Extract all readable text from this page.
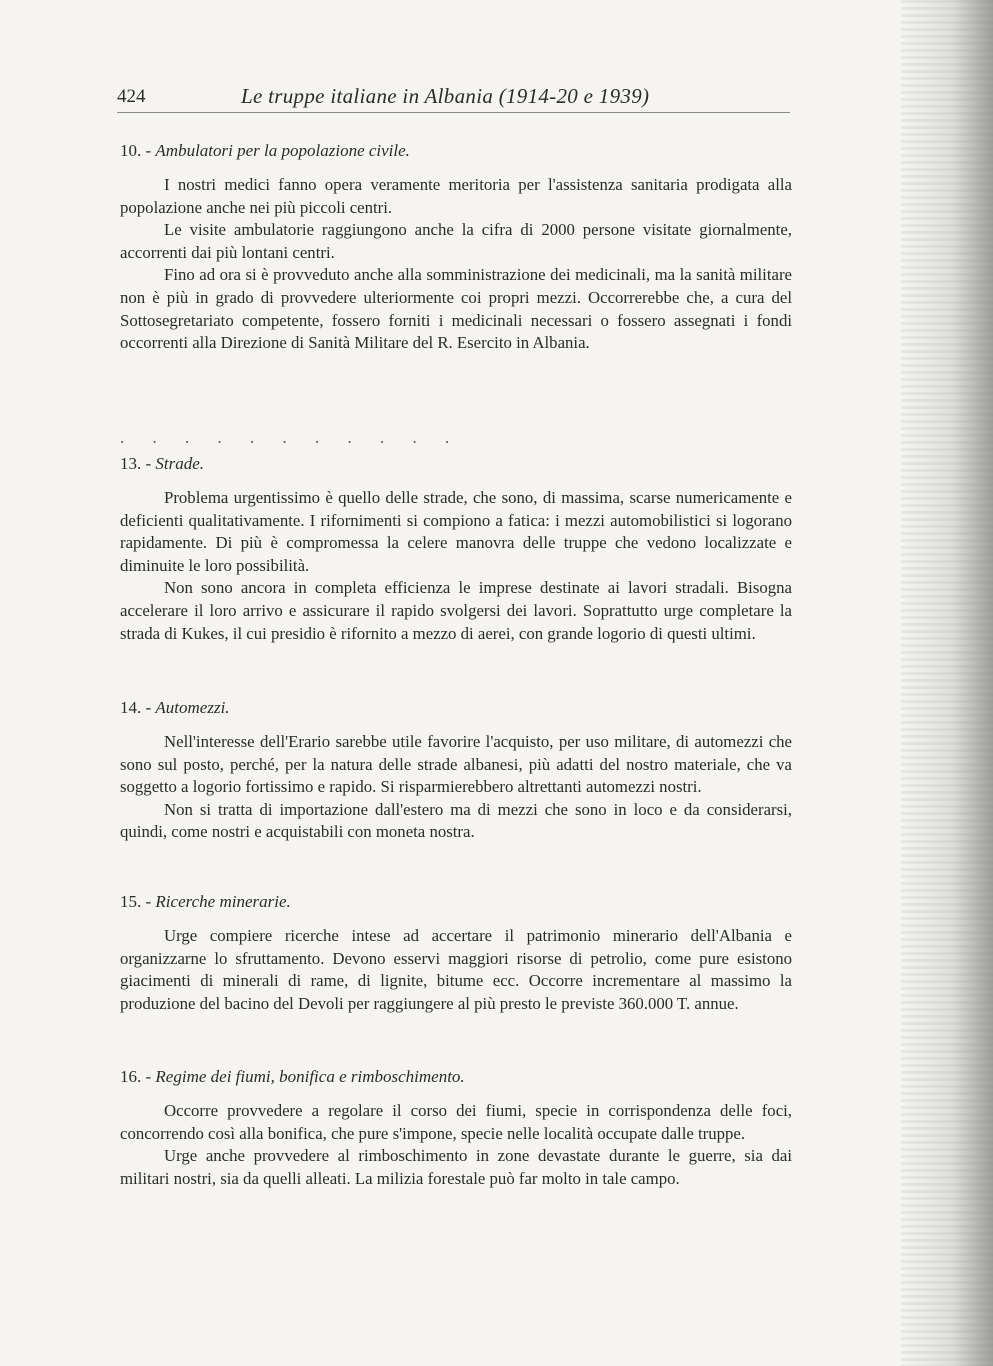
424	Le truppe italiane in Albania (1914-20 e 1939)

10. - Ambulatori per la popolazione civile.

I nostri medici fanno opera veramente meritoria per l'assistenza sanitaria prodigata alla popolazione anche nei più piccoli centri.

Le visite ambulatorie raggiungono anche la cifra di 2000 persone visitate giornalmente, accorrenti dai più lontani centri.

Fino ad ora si è provveduto anche alla somministrazione dei medicinali, ma la sanità militare non è più in grado di provvedere ulteriormente coi propri mezzi. Occorrerebbe che, a cura del Sottosegretariato competente, fossero forniti i medicinali necessari o fossero assegnati i fondi occorrenti alla Direzione di Sanità Militare del R. Esercito in Albania.

. . . . . . . . . . .

13. - Strade.

Problema urgentissimo è quello delle strade, che sono, di massima, scarse numericamente e deficienti qualitativamente. I rifornimenti si compiono a fatica: i mezzi automobilistici si logorano rapidamente. Di più è compromessa la celere manovra delle truppe che vedono localizzate e diminuite le loro possibilità.

Non sono ancora in completa efficienza le imprese destinate ai lavori stradali. Bisogna accelerare il loro arrivo e assicurare il rapido svolgersi dei lavori. Soprattutto urge completare la strada di Kukes, il cui presidio è rifornito a mezzo di aerei, con grande logorio di questi ultimi.

14. - Automezzi.

Nell'interesse dell'Erario sarebbe utile favorire l'acquisto, per uso militare, di automezzi che sono sul posto, perché, per la natura delle strade albanesi, più adatti del nostro materiale, che va soggetto a logorio fortissimo e rapido. Si risparmierebbero altrettanti automezzi nostri.

Non si tratta di importazione dall'estero ma di mezzi che sono in loco e da considerarsi, quindi, come nostri e acquistabili con moneta nostra.

15. - Ricerche minerarie.

Urge compiere ricerche intese ad accertare il patrimonio minerario dell'Albania e organizzarne lo sfruttamento. Devono esservi maggiori risorse di petrolio, come pure esistono giacimenti di minerali di rame, di lignite, bitume ecc. Occorre incrementare al massimo la produzione del bacino del Devoli per raggiungere al più presto le previste 360.000 T. annue.

16. - Regime dei fiumi, bonifica e rimboschimento.

Occorre provvedere a regolare il corso dei fiumi, specie in corrispondenza delle foci, concorrendo così alla bonifica, che pure s'impone, specie nelle località occupate dalle truppe.

Urge anche provvedere al rimboschimento in zone devastate durante le guerre, sia dai militari nostri, sia da quelli alleati. La milizia forestale può far molto in tale campo.
